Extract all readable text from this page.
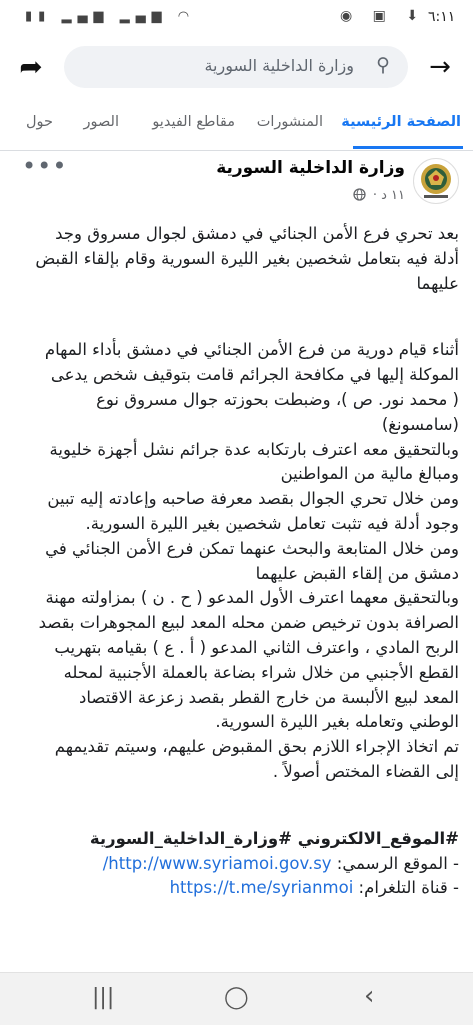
▮▮ ▂▄▆ ▂▄▆ ◠	◉ ▣ ⬇ ٦:١١
➦	وزارة الداخلية السورية ⚲ →
الصفحة الرئيسية
المنشورات
مقاطع الفيديو
الصور
حول
وزارة الداخلية السورية
١١ د ·
•••

بعد تحري فرع الأمن الجنائي في دمشق لجوال مسروق وجد

أدلة فيه بتعامل شخصين بغير الليرة السورية وقام بإلقاء القبض

عليهما

أثناء قيام دورية من فرع الأمن الجنائي في دمشق بأداء المهام

الموكلة إليها في مكافحة الجرائم قامت بتوقيف شخص يدعى

( محمد نور. ص )، وضبطت بحوزته جوال مسروق نوع

(سامسونغ)

وبالتحقيق معه اعترف بارتكابه عدة جرائم نشل أجهزة خليوية

ومبالغ مالية من المواطنين

ومن خلال تحري الجوال بقصد معرفة صاحبه وإعادته إليه تبين

وجود أدلة فيه تثبت تعامل شخصين بغير الليرة السورية.

ومن خلال المتابعة والبحث عنهما تمكن فرع الأمن الجنائي في

دمشق من إلقاء القبض عليهما

وبالتحقيق معهما اعترف الأول المدعو ( ح . ن ) بمزاولته مهنة

الصرافة بدون ترخيص ضمن محله المعد لبيع المجوهرات بقصد

الربح المادي ، واعترف الثاني المدعو ( أ . ع ) بقيامه بتهريب

القطع الأجنبي من خلال شراء بضاعة بالعملة الأجنبية لمحله

المعد لبيع الألبسة من خارج القطر بقصد زعزعة الاقتصاد

الوطني وتعامله بغير الليرة السورية.

تم اتخاذ الإجراء اللازم بحق المقبوض عليهم، وسيتم تقديمهم

إلى القضاء المختص أصولاً .

#الموقع_الالكتروني #وزارة_الداخلية_السورية

- الموقع الرسمي: http://www.syriamoi.gov.sy/

- قناة التلغرام: https://t.me/syrianmoi

|||	◯	‹
